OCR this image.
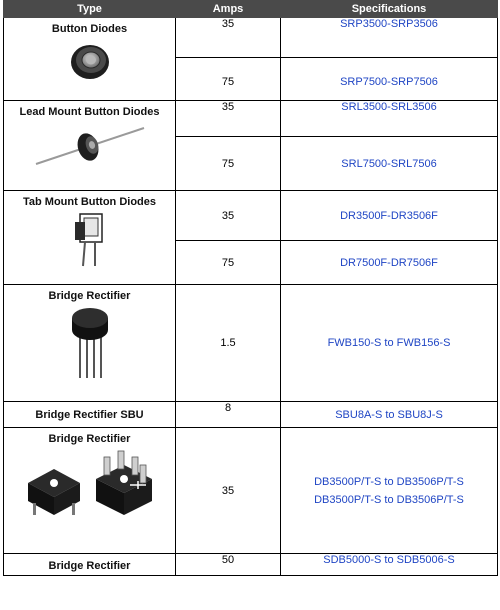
Type	Amps	Specifications

Button Diodes	35	SRP3500-SRP3506
	75	SRP7500-SRP7506

Lead Mount Button Diodes	35	SRL3500-SRL3506
	75	SRL7500-SRL7506

Tab Mount Button Diodes	35	DR3500F-DR3506F
	75	DR7500F-DR7506F

Bridge Rectifier	1.5	FWB150-S to FWB156-S

Bridge Rectifier SBU	8	SBU8A-S to SBU8J-S

Bridge Rectifier	35	DB3500P/T-S to DB3506P/T-S
DB3500P/T-S to DB3506P/T-S

Bridge Rectifier	50	SDB5000-S to SDB5006-S
